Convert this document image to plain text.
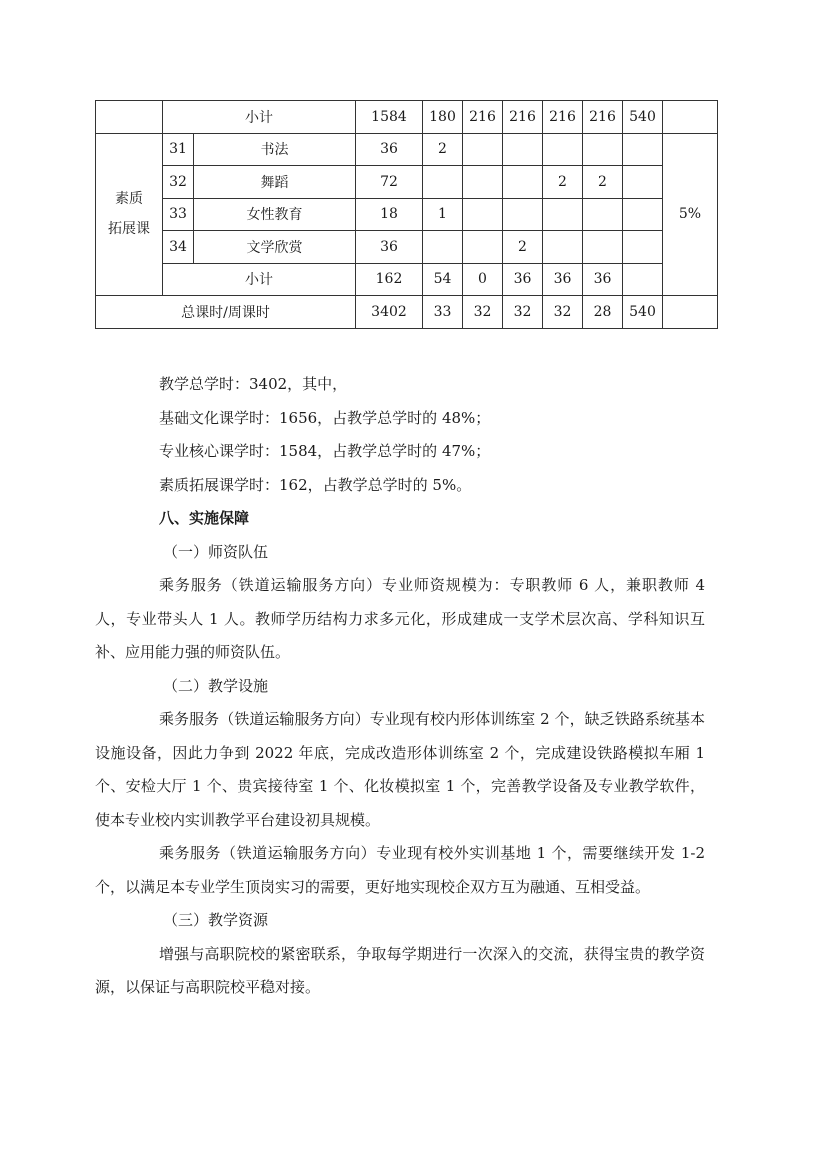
	小计		1584	180	216	216	216	216	540	
素质
拓展课	31	书法	36	2						5%
	32	舞蹈	72				2	2		
	33	女性教育	18	1						
	34	文学欣赏	36			2				
	小计		162	54	0	36	36	36		
总课时/周课时			3402	33	32	32	32	28	540	

教学总学时：3402，其中，

基础文化课学时：1656，占教学总学时的 48%；

专业核心课学时：1584，占教学总学时的 47%；

素质拓展课学时：162，占教学总学时的 5%。

八、实施保障

（一）师资队伍

乘务服务（铁道运输服务方向）专业师资规模为：专职教师 6 人，兼职教师 4 人，专业带头人 1 人。教师学历结构力求多元化，形成建成一支学术层次高、学科知识互补、应用能力强的师资队伍。

（二）教学设施

乘务服务（铁道运输服务方向）专业现有校内形体训练室 2 个，缺乏铁路系统基本设施设备，因此力争到 2022 年底，完成改造形体训练室 2 个，完成建设铁路模拟车厢 1 个、安检大厅 1 个、贵宾接待室 1 个、化妆模拟室 1 个，完善教学设备及专业教学软件，使本专业校内实训教学平台建设初具规模。

乘务服务（铁道运输服务方向）专业现有校外实训基地 1 个，需要继续开发 1-2 个，以满足本专业学生顶岗实习的需要，更好地实现校企双方互为融通、互相受益。

（三）教学资源

增强与高职院校的紧密联系，争取每学期进行一次深入的交流，获得宝贵的教学资源，以保证与高职院校平稳对接。
